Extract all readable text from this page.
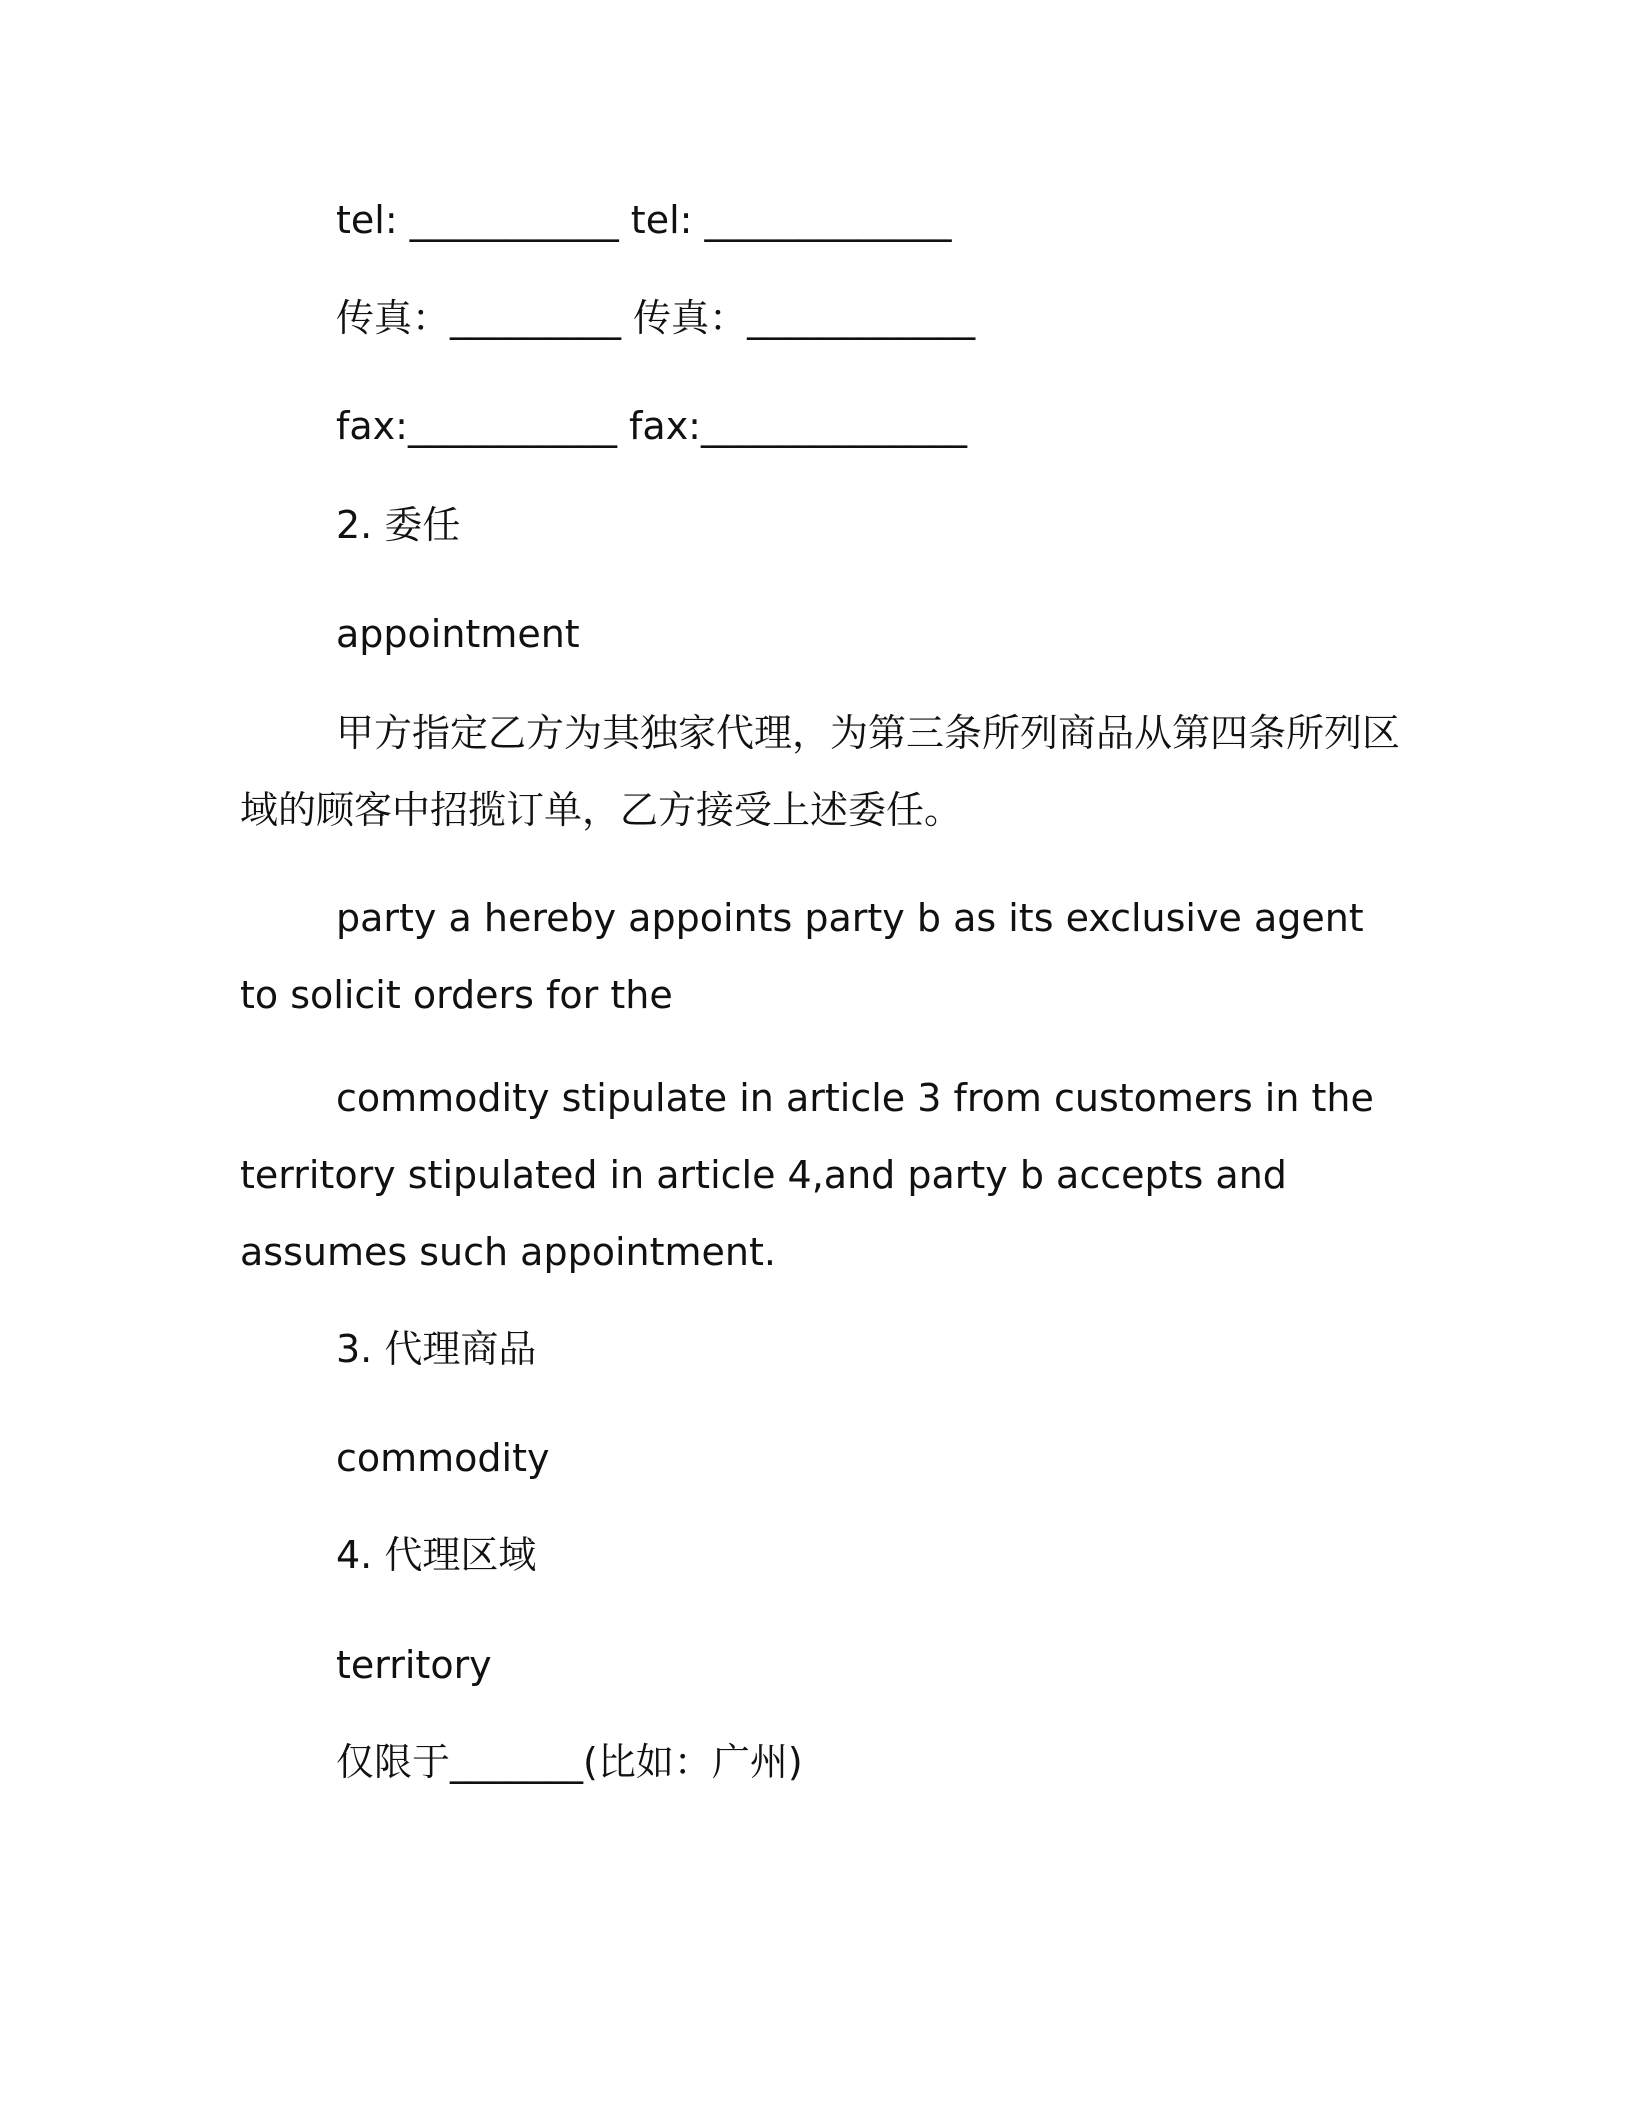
tel: ___________ tel: _____________

传真：_________ 传真：____________

fax:___________ fax:______________

2. 委任

appointment

甲方指定乙方为其独家代理，为第三条所列商品从第四条所列区域的顾客中招揽订单，乙方接受上述委任。

party a hereby appoints party b as its exclusive agent to solicit orders for the

commodity stipulate in article 3 from customers in the territory stipulated in article 4,and party b accepts and assumes such appointment.

3. 代理商品

commodity

4. 代理区域

territory

仅限于_______(比如：广州)
